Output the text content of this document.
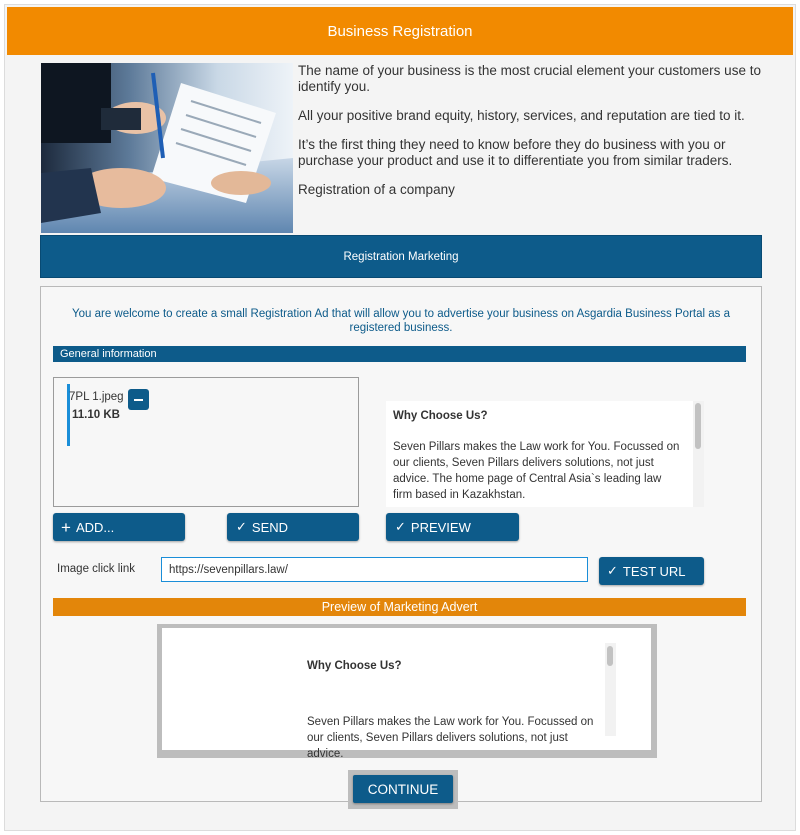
Business Registration

The name of your business is the most crucial element your customers use to identify you.

All your positive brand equity, history, services, and reputation are tied to it.

It’s the first thing they need to know before they do business with you or purchase your product and use it to differentiate you from similar traders.

Registration of a company

Registration Marketing
You are welcome to create a small Registration Ad that will allow you to advertise your business on Asgardia Business Portal as a registered business.
General information
7PL 1.jpeg
11.10 KB	Why Choose Us?
Seven Pillars makes the Law work for You. Focussed on our clients, Seven Pillars delivers solutions, not just advice. The home page of Central Asia`s leading law firm based in Kazakhstan.
+ ADD...	✓ SEND	✓ PREVIEW
Image click link
https://sevenpillars.law/	✓ TEST URL
Preview of Marketing Advert
Why Choose Us?
Seven Pillars makes the Law work for You. Focussed on our clients, Seven Pillars delivers solutions, not just advice.
CONTINUE
